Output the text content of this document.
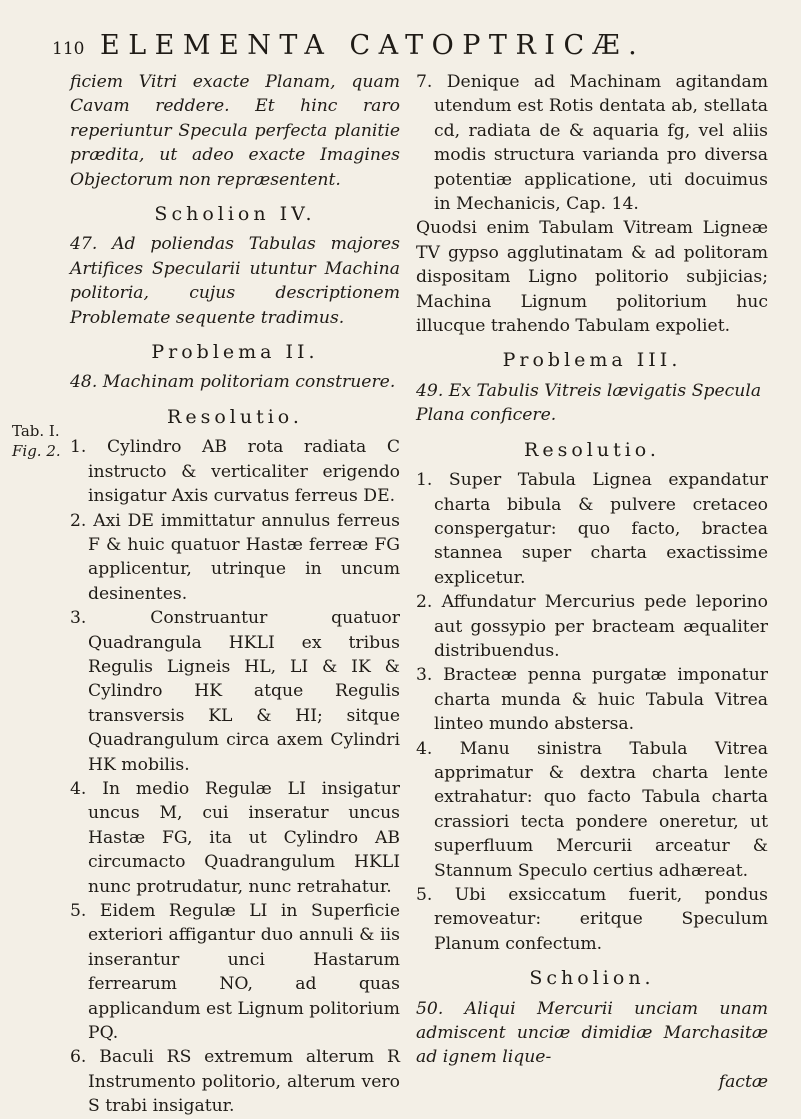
110 ELEMENTA CATOPTRICÆ.
Tab. I.
Fig. 2.

ficiem Vitri exacte Planam, quam Cavam reddere. Et hinc raro reperiuntur Specula perfecta planitie prædita, ut adeo exacte Imagines Objectorum non repræsentent.

Scholion IV.

47. Ad poliendas Tabulas majores Artifices Specularii utuntur Machina politoria, cujus descriptionem Problemate sequente tradimus.

Problema II.

48. Machinam politoriam construere.

Resolutio.

1. Cylindro AB rota radiata C instructo & verticaliter erigendo insigatur Axis curvatus ferreus DE.

2. Axi DE immittatur annulus ferreus F & huic quatuor Hastæ ferreæ FG applicentur, utrinque in uncum desinentes.

3. Construantur quatuor Quadrangula HKLI ex tribus Regulis Ligneis HL, LI & IK & Cylindro HK atque Regulis transversis KL & HI; sitque Quadrangulum circa axem Cylindri HK mobilis.

4. In medio Regulæ LI insigatur uncus M, cui inseratur uncus Hastæ FG, ita ut Cylindro AB circumacto Quadrangulum HKLI nunc protrudatur, nunc retrahatur.

5. Eidem Regulæ LI in Superficie exteriori affigantur duo annuli & iis inserantur unci Hastarum ferrearum NO, ad quas applicandum est Lignum politorium PQ.

6. Baculi RS extremum alterum R Instrumento politorio, alterum vero S trabi insigatur.

7. Denique ad Machinam agitandam utendum est Rotis dentata ab, stellata cd, radiata de & aquaria fg, vel aliis modis structura varianda pro diversa potentiæ applicatione, uti docuimus in Mechanicis, Cap. 14.

Quodsi enim Tabulam Vitream Ligneæ TV gypso agglutinatam & ad politoram dispositam Ligno politorio subjicias; Machina Lignum politorium huc illucque trahendo Tabulam expoliet.

Problema III.

49. Ex Tabulis Vitreis lævigatis Specula Plana conficere.

Resolutio.

1. Super Tabula Lignea expandatur charta bibula & pulvere cretaceo conspergatur: quo facto, bractea stannea super charta exactissime explicetur.

2. Affundatur Mercurius pede leporino aut gossypio per bracteam æqualiter distribuendus.

3. Bracteæ penna purgatæ imponatur charta munda & huic Tabula Vitrea linteo mundo abstersa.

4. Manu sinistra Tabula Vitrea apprimatur & dextra charta lente extrahatur: quo facto Tabula charta crassiori tecta pondere oneretur, ut superfluum Mercurii arceatur & Stannum Speculo certius adhæreat.

5. Ubi exsiccatum fuerit, pondus removeatur: eritque Speculum Planum confectum.

Scholion.

50. Aliqui Mercurii unciam unam admiscent unciæ dimidiæ Marchasitæ ad ignem lique-

factæ
